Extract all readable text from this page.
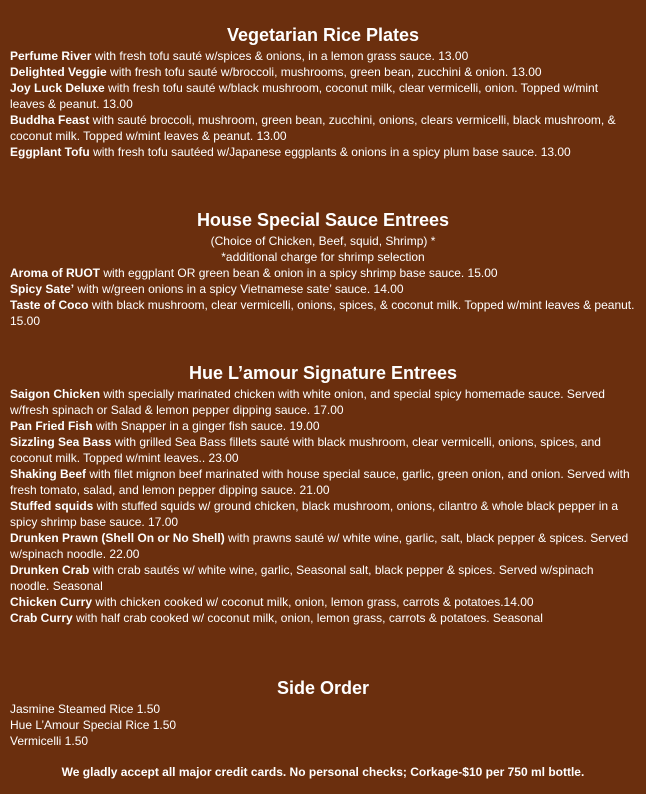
Vegetarian Rice Plates
Perfume River with fresh tofu sauté w/spices & onions, in a lemon grass sauce. 13.00
Delighted Veggie with fresh tofu sauté w/broccoli, mushrooms, green bean, zucchini & onion. 13.00
Joy Luck Deluxe with fresh tofu sauté w/black mushroom, coconut milk, clear vermicelli, onion. Topped w/mint leaves & peanut. 13.00
Buddha Feast with sauté broccoli, mushroom, green bean, zucchini, onions, clears vermicelli, black mushroom, & coconut milk. Topped w/mint leaves & peanut. 13.00
Eggplant Tofu with fresh tofu sautéed w/Japanese eggplants & onions in a spicy plum base sauce. 13.00
House Special Sauce Entrees
(Choice of Chicken, Beef, squid, Shrimp) *
*additional charge for shrimp selection
Aroma of RUOT with eggplant OR green bean & onion in a spicy shrimp base sauce. 15.00
Spicy Sate’ with w/green onions in a spicy Vietnamese sate’ sauce. 14.00
Taste of Coco with black mushroom, clear vermicelli, onions, spices, & coconut milk. Topped w/mint leaves & peanut. 15.00
Hue L’amour Signature Entrees
Saigon Chicken with specially marinated chicken with white onion, and special spicy homemade sauce. Served w/fresh spinach or Salad & lemon pepper dipping sauce. 17.00
Pan Fried Fish with Snapper in a ginger fish sauce. 19.00
Sizzling Sea Bass with grilled Sea Bass fillets sauté with black mushroom, clear vermicelli, onions, spices, and coconut milk. Topped w/mint leaves.. 23.00
Shaking Beef with filet mignon beef marinated with house special sauce, garlic, green onion, and onion. Served with fresh tomato, salad, and lemon pepper dipping sauce. 21.00
Stuffed squids with stuffed squids w/ ground chicken, black mushroom, onions, cilantro & whole black pepper in a spicy shrimp base sauce. 17.00
Drunken Prawn (Shell On or No Shell) with prawns sauté w/ white wine, garlic, salt, black pepper & spices. Served w/spinach noodle. 22.00
Drunken Crab with crab sautés w/ white wine, garlic, Seasonal salt, black pepper & spices. Served w/spinach noodle. Seasonal
Chicken Curry with chicken cooked w/ coconut milk, onion, lemon grass, carrots & potatoes.14.00
Crab Curry with half crab cooked w/ coconut milk, onion, lemon grass, carrots & potatoes. Seasonal
Side Order
Jasmine Steamed Rice 1.50
Hue L’Amour Special Rice 1.50
Vermicelli 1.50
We gladly accept all major credit cards. No personal checks; Corkage-$10 per 750 ml bottle.
